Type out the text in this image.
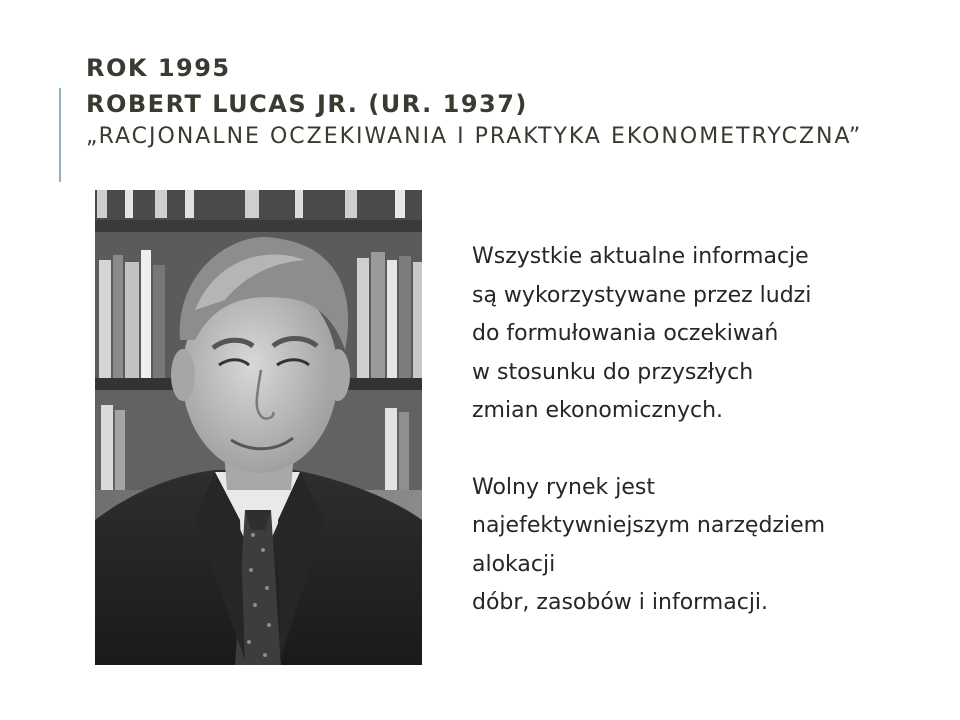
ROK 1995
ROBERT LUCAS JR. (UR. 1937)
„RACJONALNE OCZEKIWANIA I PRAKTYKA EKONOMETRYCZNA”
Wszystkie aktualne informacje
są wykorzystywane przez ludzi
do formułowania oczekiwań
w stosunku do przyszłych
zmian ekonomicznych.
Wolny rynek jest
najefektywniejszym narzędziem
alokacji
dóbr, zasobów i informacji.
